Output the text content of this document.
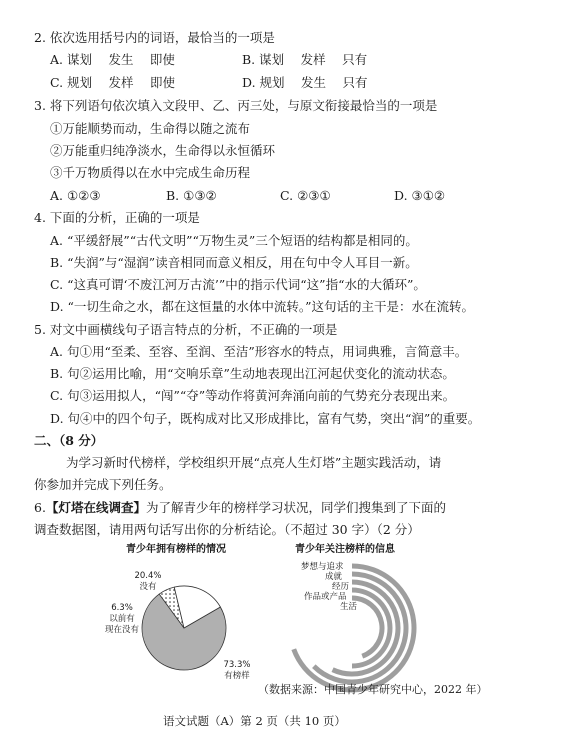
2. 依次选用括号内的词语，最恰当的一项是
A. 谋划　 发生　 即使	B. 谋划　 发样　 只有
C. 规划　 发样　 即使	D. 规划　 发生　 只有
3. 将下列语句依次填入文段甲、乙、丙三处，与原文衔接最恰当的一项是
①万能顺势而动，生命得以随之流布
②万能重归纯净淡水，生命得以永恒循环
③千万物质得以在水中完成生命历程
A. ①②③	B. ①③②	C. ②③①	D. ③①②
4. 下面的分析，正确的一项是
A. “平缓舒展”“古代文明”“万物生灵”三个短语的结构都是相同的。
B. “失润”与“湿润”读音相同而意义相反，用在句中令人耳目一新。
C. “这真可谓‘不废江河万古流’”中的指示代词“这”指“水的大循环”。
D. “一切生命之水，都在这恒量的水体中流转。”这句话的主干是：水在流转。
5. 对文中画横线句子语言特点的分析，不正确的一项是
A. 句①用“至柔、至容、至润、至洁”形容水的特点，用词典雅，言简意丰。
B. 句②运用比喻，用“交响乐章”生动地表现出江河起伏变化的流动状态。
C. 句③运用拟人，“闯”“夺”等动作将黄河奔涌向前的气势充分表现出来。
D. 句④中的四个句子，既构成对比又形成排比，富有气势，突出“润”的重要。
二、（8 分）
为学习新时代榜样，学校组织开展“点亮人生灯塔”主题实践活动，请
你参加并完成下列任务。
6.【灯塔在线调查】为了解青少年的榜样学习状况，同学们搜集到了下面的
调查数据图，请用两句话写出你的分析结论。（不超过 30 字）（2 分）
青少年拥有榜样的情况
20.4%
没有
6.3%
以前有
现在没有
73.3%
有榜样
青少年关注榜样的信息
梦想与追求
成就
经历
作品或产品
生活
（数据来源：中国青少年研究中心，2022 年）
语文试题（A）第 2 页（共 10 页）
